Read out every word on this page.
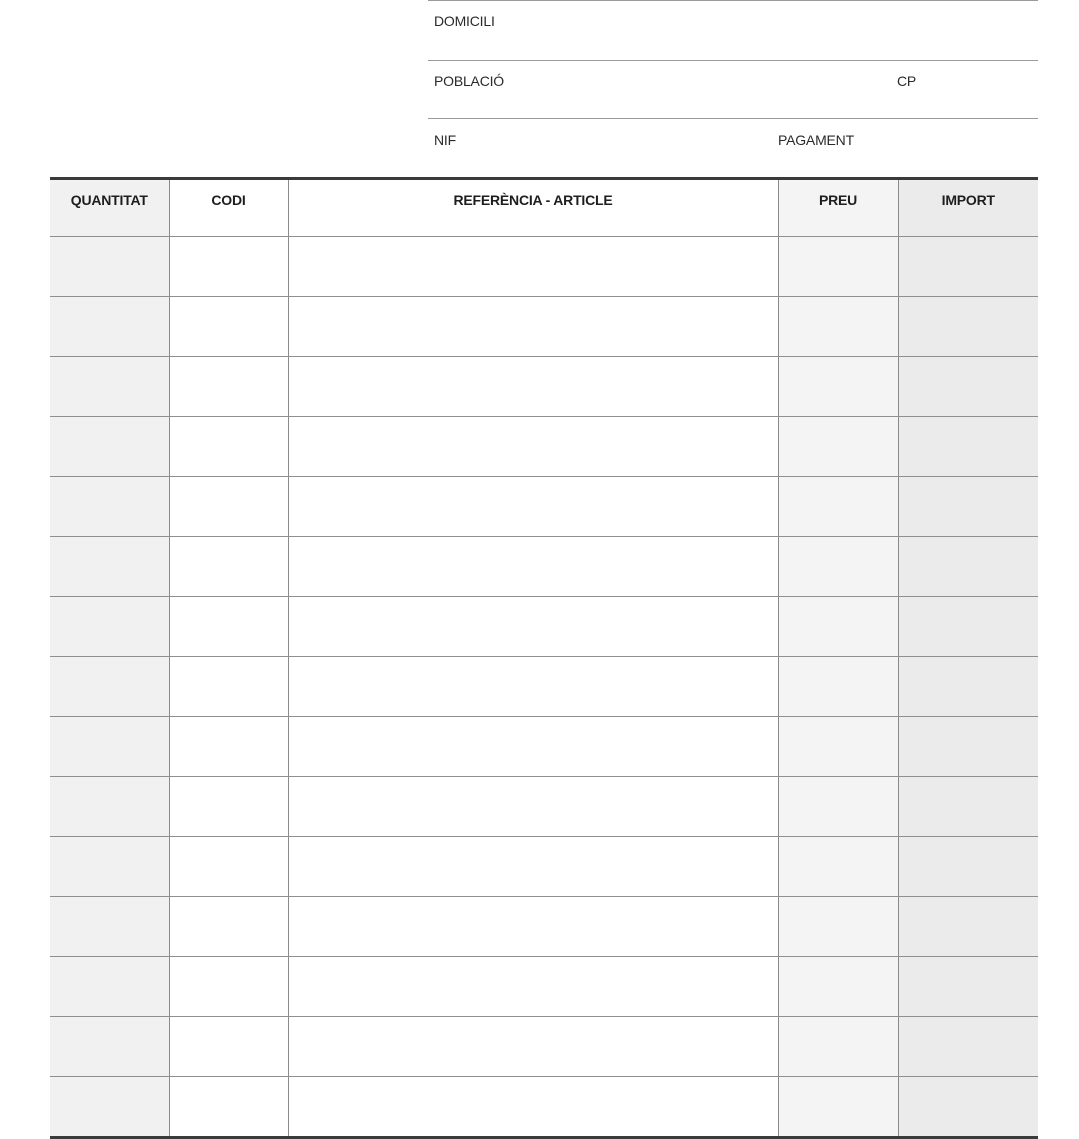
DOMICILI
POBLACIÓ	CP
NIF	PAGAMENT
QUANTITAT	CODI	REFERÈNCIA - ARTICLE	PREU	IMPORT
